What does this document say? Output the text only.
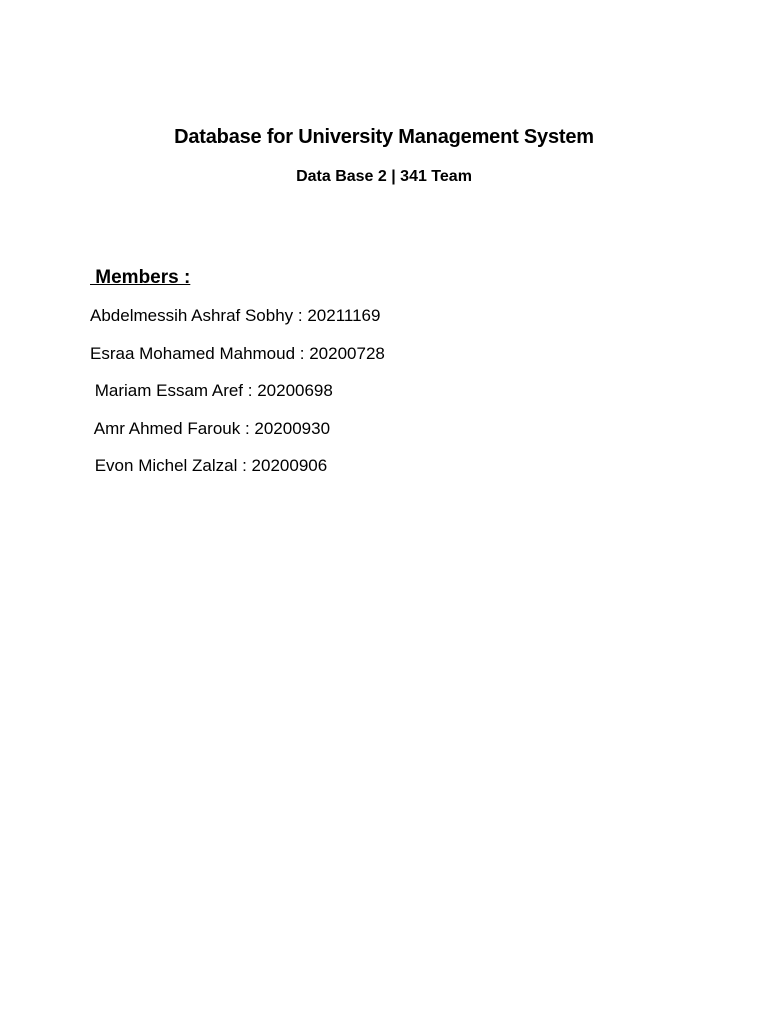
Database for University Management System
Data Base 2 | 341 Team
Members :
Abdelmessih Ashraf Sobhy : 20211169
Esraa Mohamed Mahmoud : 20200728
Mariam Essam Aref : 20200698
Amr Ahmed Farouk : 20200930
Evon Michel Zalzal : 20200906
